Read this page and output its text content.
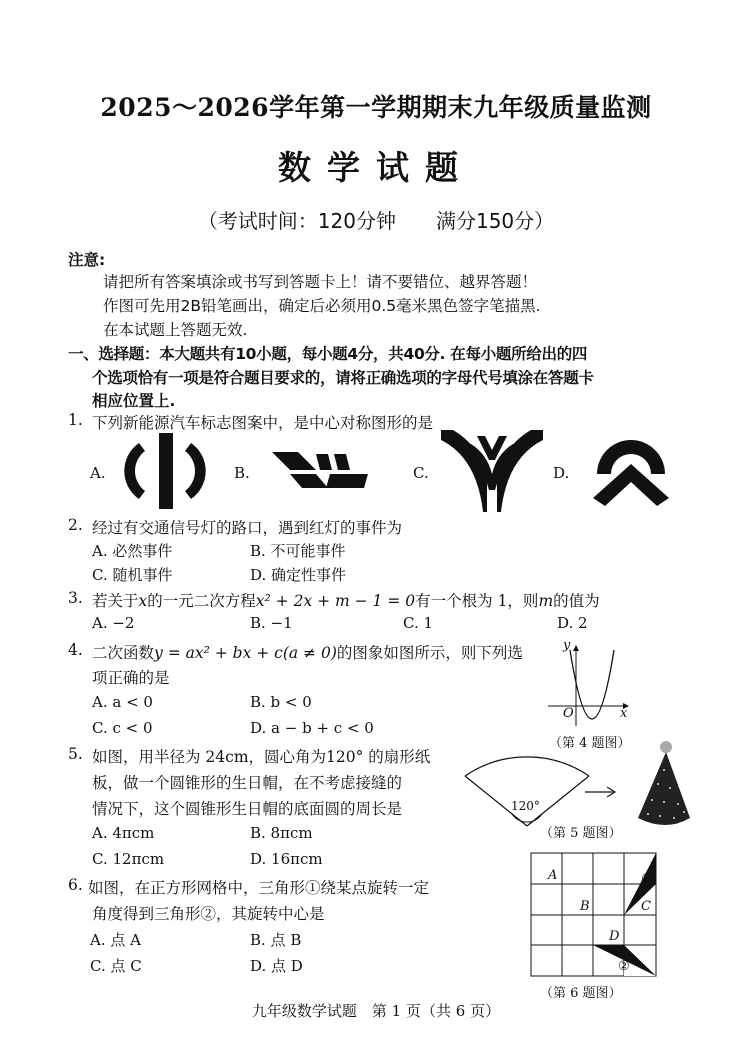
2025～2026学年第一学期期末九年级质量监测
数学试题
（考试时间：120分钟　　满分150分）
注意:
请把所有答案填涂或书写到答题卡上！请不要错位、越界答题！
作图可先用2B铅笔画出，确定后必须用0.5毫米黑色签字笔描黑.
在本试题上答题无效.
一、选择题：本大题共有10小题，每小题4分，共40分. 在每小题所给出的四
个选项恰有一项是符合题目要求的，请将正确选项的字母代号填涂在答题卡
相应位置上.
1. 下列新能源汽车标志图案中，是中心对称图形的是
A.	B.	C.	D.
2. 经过有交通信号灯的路口，遇到红灯的事件为
A. 必然事件	B. 不可能事件
C. 随机事件	D. 确定性事件
3. 若关于x的一元二次方程x² + 2x + m − 1 = 0有一个根为 1，则m的值为
A. −2	B. −1	C. 1	D. 2
4. 二次函数y = ax² + bx + c(a ≠ 0)的图象如图所示，则下列选
项正确的是
A. a < 0	B. b < 0
C. c < 0	D. a − b + c < 0
y
x
O
（第 4 题图）
5. 如图，用半径为 24cm，圆心角为120° 的扇形纸
板，做一个圆锥形的生日帽，在不考虑接缝的
情况下，这个圆锥形生日帽的底面圆的周长是
A. 4πcm	B. 8πcm
C. 12πcm	D. 16πcm
120°
（第 5 题图）
6. 如图，在正方形网格中，三角形①绕某点旋转一定
角度得到三角形②，其旋转中心是
A. 点 A	B. 点 B
C. 点 C	D. 点 D
A
B	C
D
①
②
（第 6 题图）
九年级数学试题　第 1 页（共 6 页）
